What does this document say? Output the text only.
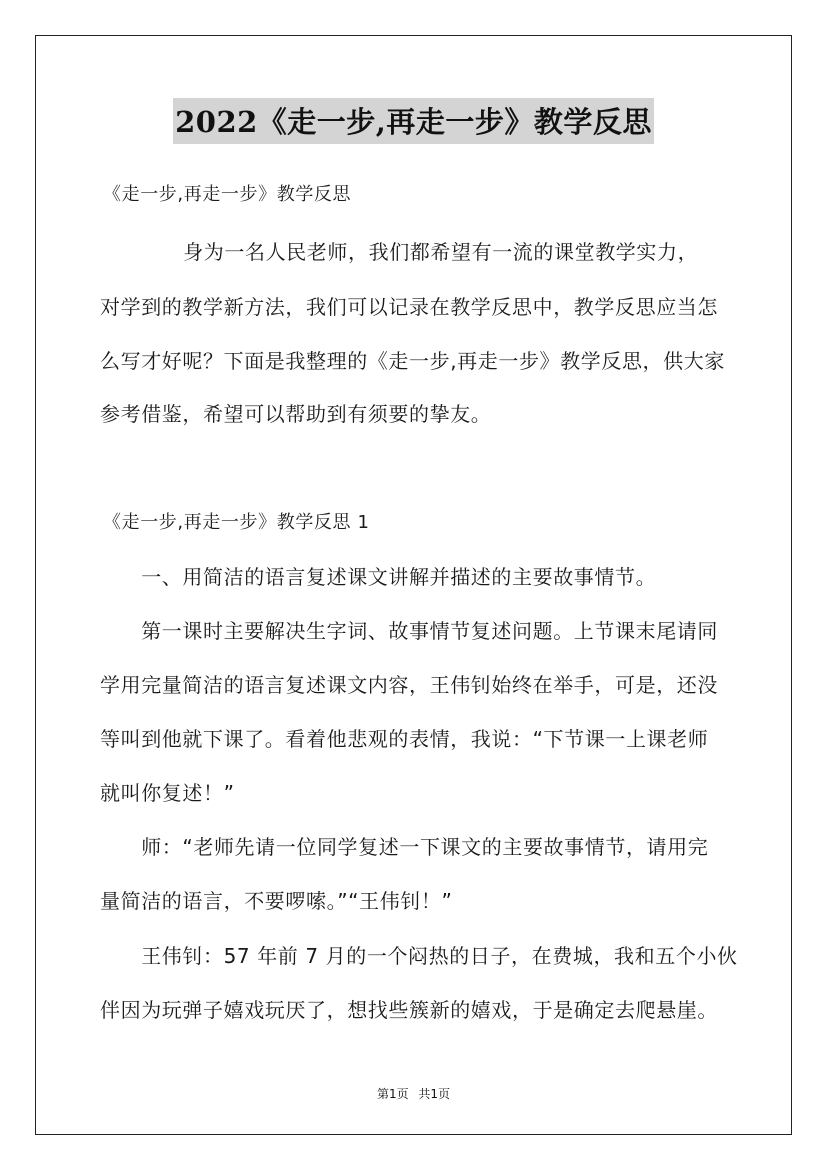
2022《走一步,再走一步》教学反思
《走一步,再走一步》教学反思
　　身为一名人民老师，我们都希望有一流的课堂教学实力，
对学到的教学新方法，我们可以记录在教学反思中，教学反思应当怎
么写才好呢？下面是我整理的《走一步,再走一步》教学反思，供大家
参考借鉴，希望可以帮助到有须要的挚友。
《走一步,再走一步》教学反思 1
　　一、用简洁的语言复述课文讲解并描述的主要故事情节。
　　第一课时主要解决生字词、故事情节复述问题。上节课末尾请同
学用完量简洁的语言复述课文内容，王伟钊始终在举手，可是，还没
等叫到他就下课了。看着他悲观的表情，我说：“下节课一上课老师
就叫你复述！”
　　师：“老师先请一位同学复述一下课文的主要故事情节，请用完
量简洁的语言，不要啰嗦。”“王伟钊！”
　　王伟钊：57 年前 7 月的一个闷热的日子，在费城，我和五个小伙
伴因为玩弹子嬉戏玩厌了，想找些簇新的嬉戏，于是确定去爬悬崖。
第1页 共1页
